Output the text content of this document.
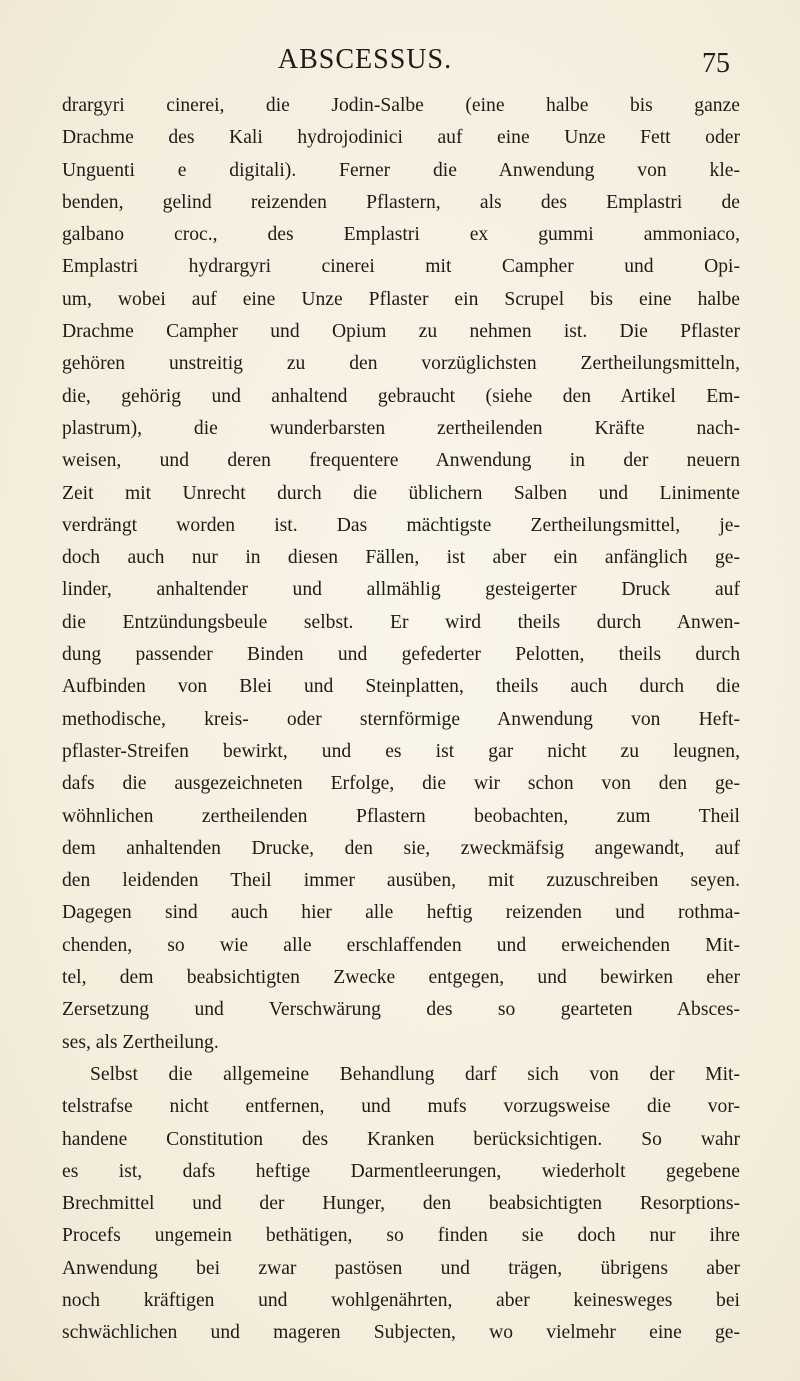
ABSCESSUS.	75
drargyri cinerei, die Jodin-Salbe (eine halbe bis ganze
Drachme des Kali hydrojodinici auf eine Unze Fett oder
Unguenti e digitali). Ferner die Anwendung von kle-
benden, gelind reizenden Pflastern, als des Emplastri de
galbano croc., des Emplastri ex gummi ammoniaco,
Emplastri hydrargyri cinerei mit Campher und Opi-
um, wobei auf eine Unze Pflaster ein Scrupel bis eine halbe
Drachme Campher und Opium zu nehmen ist. Die Pflaster
gehören unstreitig zu den vorzüglichsten Zertheilungsmitteln,
die, gehörig und anhaltend gebraucht (siehe den Artikel Em-
plastrum), die wunderbarsten zertheilenden Kräfte nach-
weisen, und deren frequentere Anwendung in der neuern
Zeit mit Unrecht durch die üblichern Salben und Linimente
verdrängt worden ist. Das mächtigste Zertheilungsmittel, je-
doch auch nur in diesen Fällen, ist aber ein anfänglich ge-
linder, anhaltender und allmählig gesteigerter Druck auf
die Entzündungsbeule selbst. Er wird theils durch Anwen-
dung passender Binden und gefederter Pelotten, theils durch
Aufbinden von Blei und Steinplatten, theils auch durch die
methodische, kreis- oder sternförmige Anwendung von Heft-
pflaster-Streifen bewirkt, und es ist gar nicht zu leugnen,
dafs die ausgezeichneten Erfolge, die wir schon von den ge-
wöhnlichen zertheilenden Pflastern beobachten, zum Theil
dem anhaltenden Drucke, den sie, zweckmäfsig angewandt, auf
den leidenden Theil immer ausüben, mit zuzuschreiben seyen.
Dagegen sind auch hier alle heftig reizenden und rothma-
chenden, so wie alle erschlaffenden und erweichenden Mit-
tel, dem beabsichtigten Zwecke entgegen, und bewirken eher
Zersetzung und Verschwärung des so gearteten Absces-
ses, als Zertheilung.
Selbst die allgemeine Behandlung darf sich von der Mit-
telstrafse nicht entfernen, und mufs vorzugsweise die vor-
handene Constitution des Kranken berücksichtigen. So wahr
es ist, dafs heftige Darmentleerungen, wiederholt gegebene
Brechmittel und der Hunger, den beabsichtigten Resorptions-
Procefs ungemein bethätigen, so finden sie doch nur ihre
Anwendung bei zwar pastösen und trägen, übrigens aber
noch kräftigen und wohlgenährten, aber keinesweges bei
schwächlichen und mageren Subjecten, wo vielmehr eine ge-
